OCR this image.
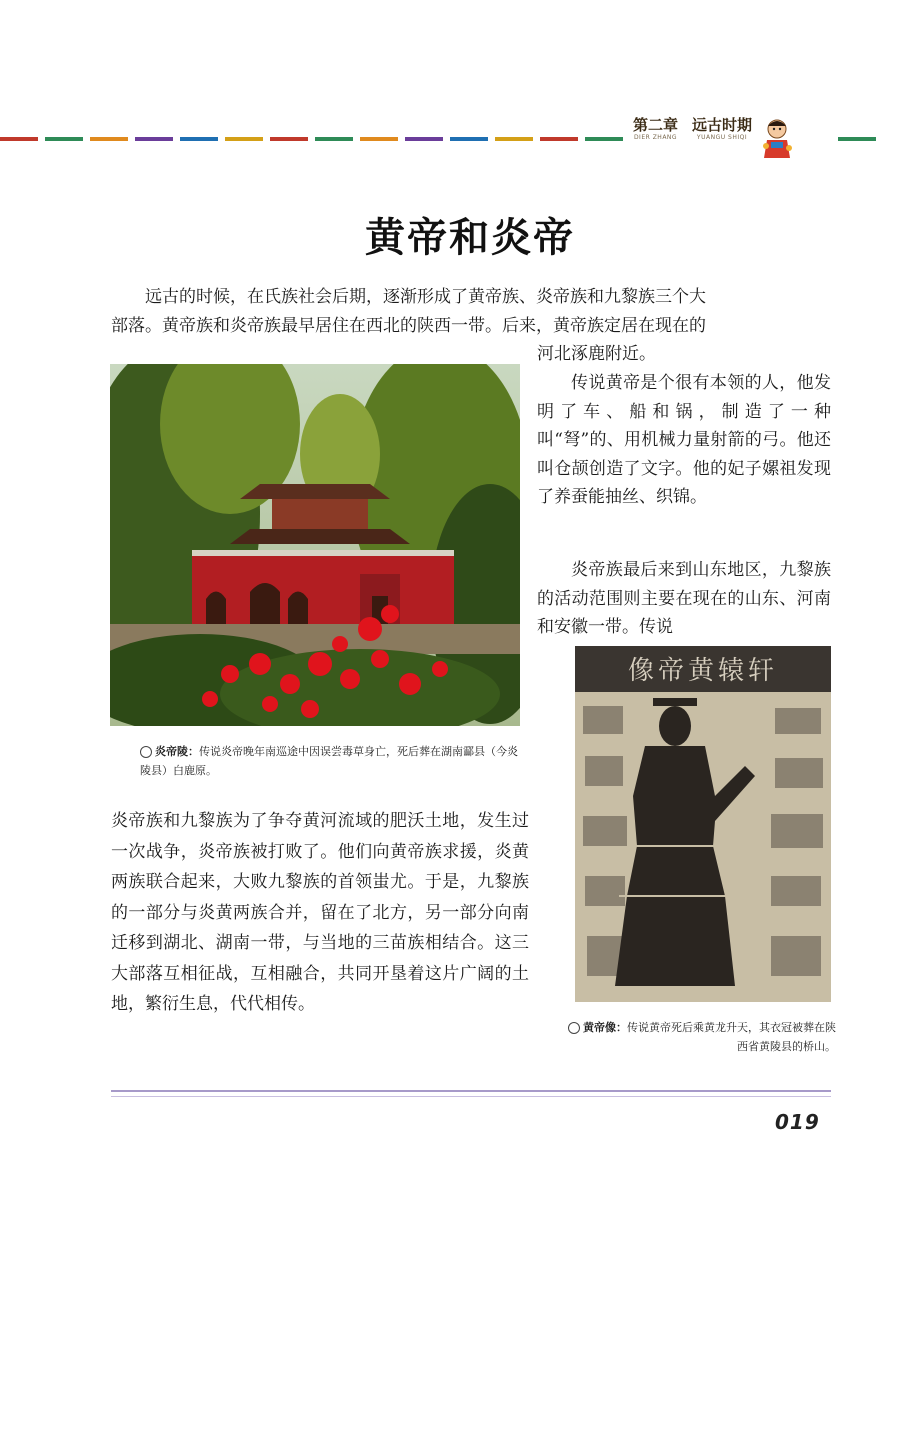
第二章
DIER ZHANG
远古时期
YUANGU SHIQI
黄帝和炎帝
远古的时候，在氏族社会后期，逐渐形成了黄帝族、炎帝族和九黎族三个大
部落。黄帝族和炎帝族最早居住在西北的陕西一带。后来，黄帝族定居在现在的
河北涿鹿附近。
炎帝陵：传说炎帝晚年南巡途中因误尝毒草身亡，死后葬在湖南酃县（今炎陵县）白鹿原。
传说黄帝是个很有本领的人，他发明了车、船和锅，制造了一种叫“弩”的、用机械力量射箭的弓。他还叫仓颉创造了文字。他的妃子嫘祖发现了养蚕能抽丝、织锦。
炎帝族最后来到山东地区，九黎族的活动范围则主要在现在的山东、河南和安徽一带。传说
像帝黄辕轩
黄帝像：传说黄帝死后乘黄龙升天，其衣冠被葬在陕西省黄陵县的桥山。
炎帝族和九黎族为了争夺黄河流域的肥沃土地，发生过一次战争，炎帝族被打败了。他们向黄帝族求援，炎黄两族联合起来，大败九黎族的首领蚩尤。于是，九黎族的一部分与炎黄两族合并，留在了北方，另一部分向南迁移到湖北、湖南一带，与当地的三苗族相结合。这三大部落互相征战，互相融合，共同开垦着这片广阔的土地，繁衍生息，代代相传。
019
